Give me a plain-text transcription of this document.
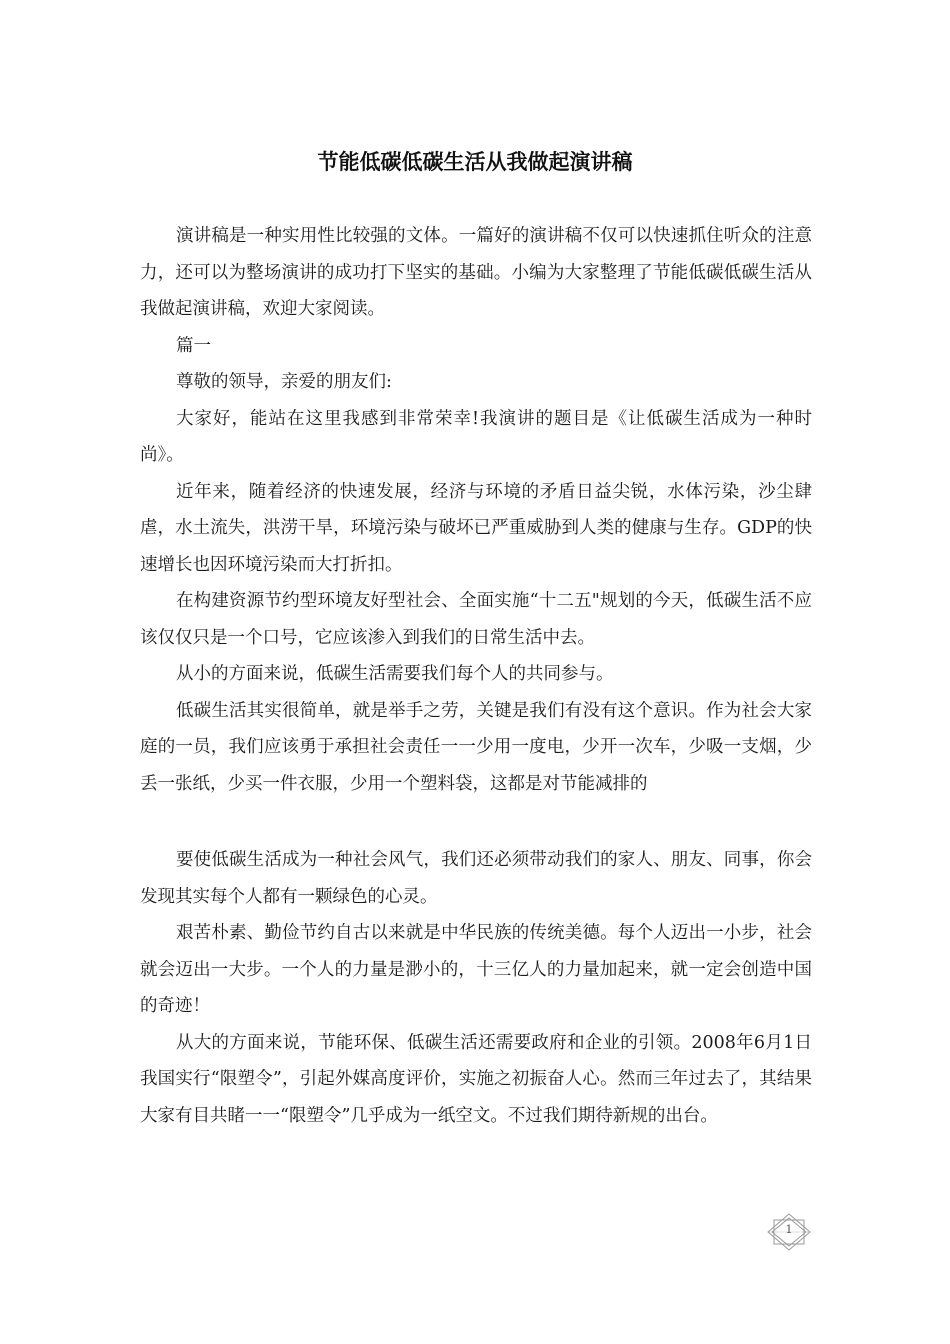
节能低碳低碳生活从我做起演讲稿

演讲稿是一种实用性比较强的文体。一篇好的演讲稿不仅可以快速抓住听众的注意力，还可以为整场演讲的成功打下坚实的基础。小编为大家整理了节能低碳低碳生活从我做起演讲稿，欢迎大家阅读。

篇一

尊敬的领导，亲爱的朋友们:

大家好，能站在这里我感到非常荣幸!我演讲的题目是《让低碳生活成为一种时尚》。

近年来，随着经济的快速发展，经济与环境的矛盾日益尖锐，水体污染，沙尘肆虐，水土流失，洪涝干旱，环境污染与破坏已严重威胁到人类的健康与生存。GDP的快速增长也因环境污染而大打折扣。

在构建资源节约型环境友好型社会、全面实施“十二五"规划的今天，低碳生活不应该仅仅只是一个口号，它应该渗入到我们的日常生活中去。

从小的方面来说，低碳生活需要我们每个人的共同参与。

低碳生活其实很简单，就是举手之劳，关键是我们有没有这个意识。作为社会大家庭的一员，我们应该勇于承担社会责任一一少用一度电，少开一次车，少吸一支烟，少丢一张纸，少买一件衣服，少用一个塑料袋，这都是对节能减排的

要使低碳生活成为一种社会风气，我们还必须带动我们的家人、朋友、同事，你会发现其实每个人都有一颗绿色的心灵。

艰苦朴素、勤俭节约自古以来就是中华民族的传统美德。每个人迈出一小步，社会就会迈出一大步。一个人的力量是渺小的，十三亿人的力量加起来，就一定会创造中国的奇迹！

从大的方面来说，节能环保、低碳生活还需要政府和企业的引领。2008年6月1日我国实行“限塑令”，引起外媒高度评价，实施之初振奋人心。然而三年过去了，其结果大家有目共睹一一“限塑令”几乎成为一纸空文。不过我们期待新规的出台。

1
